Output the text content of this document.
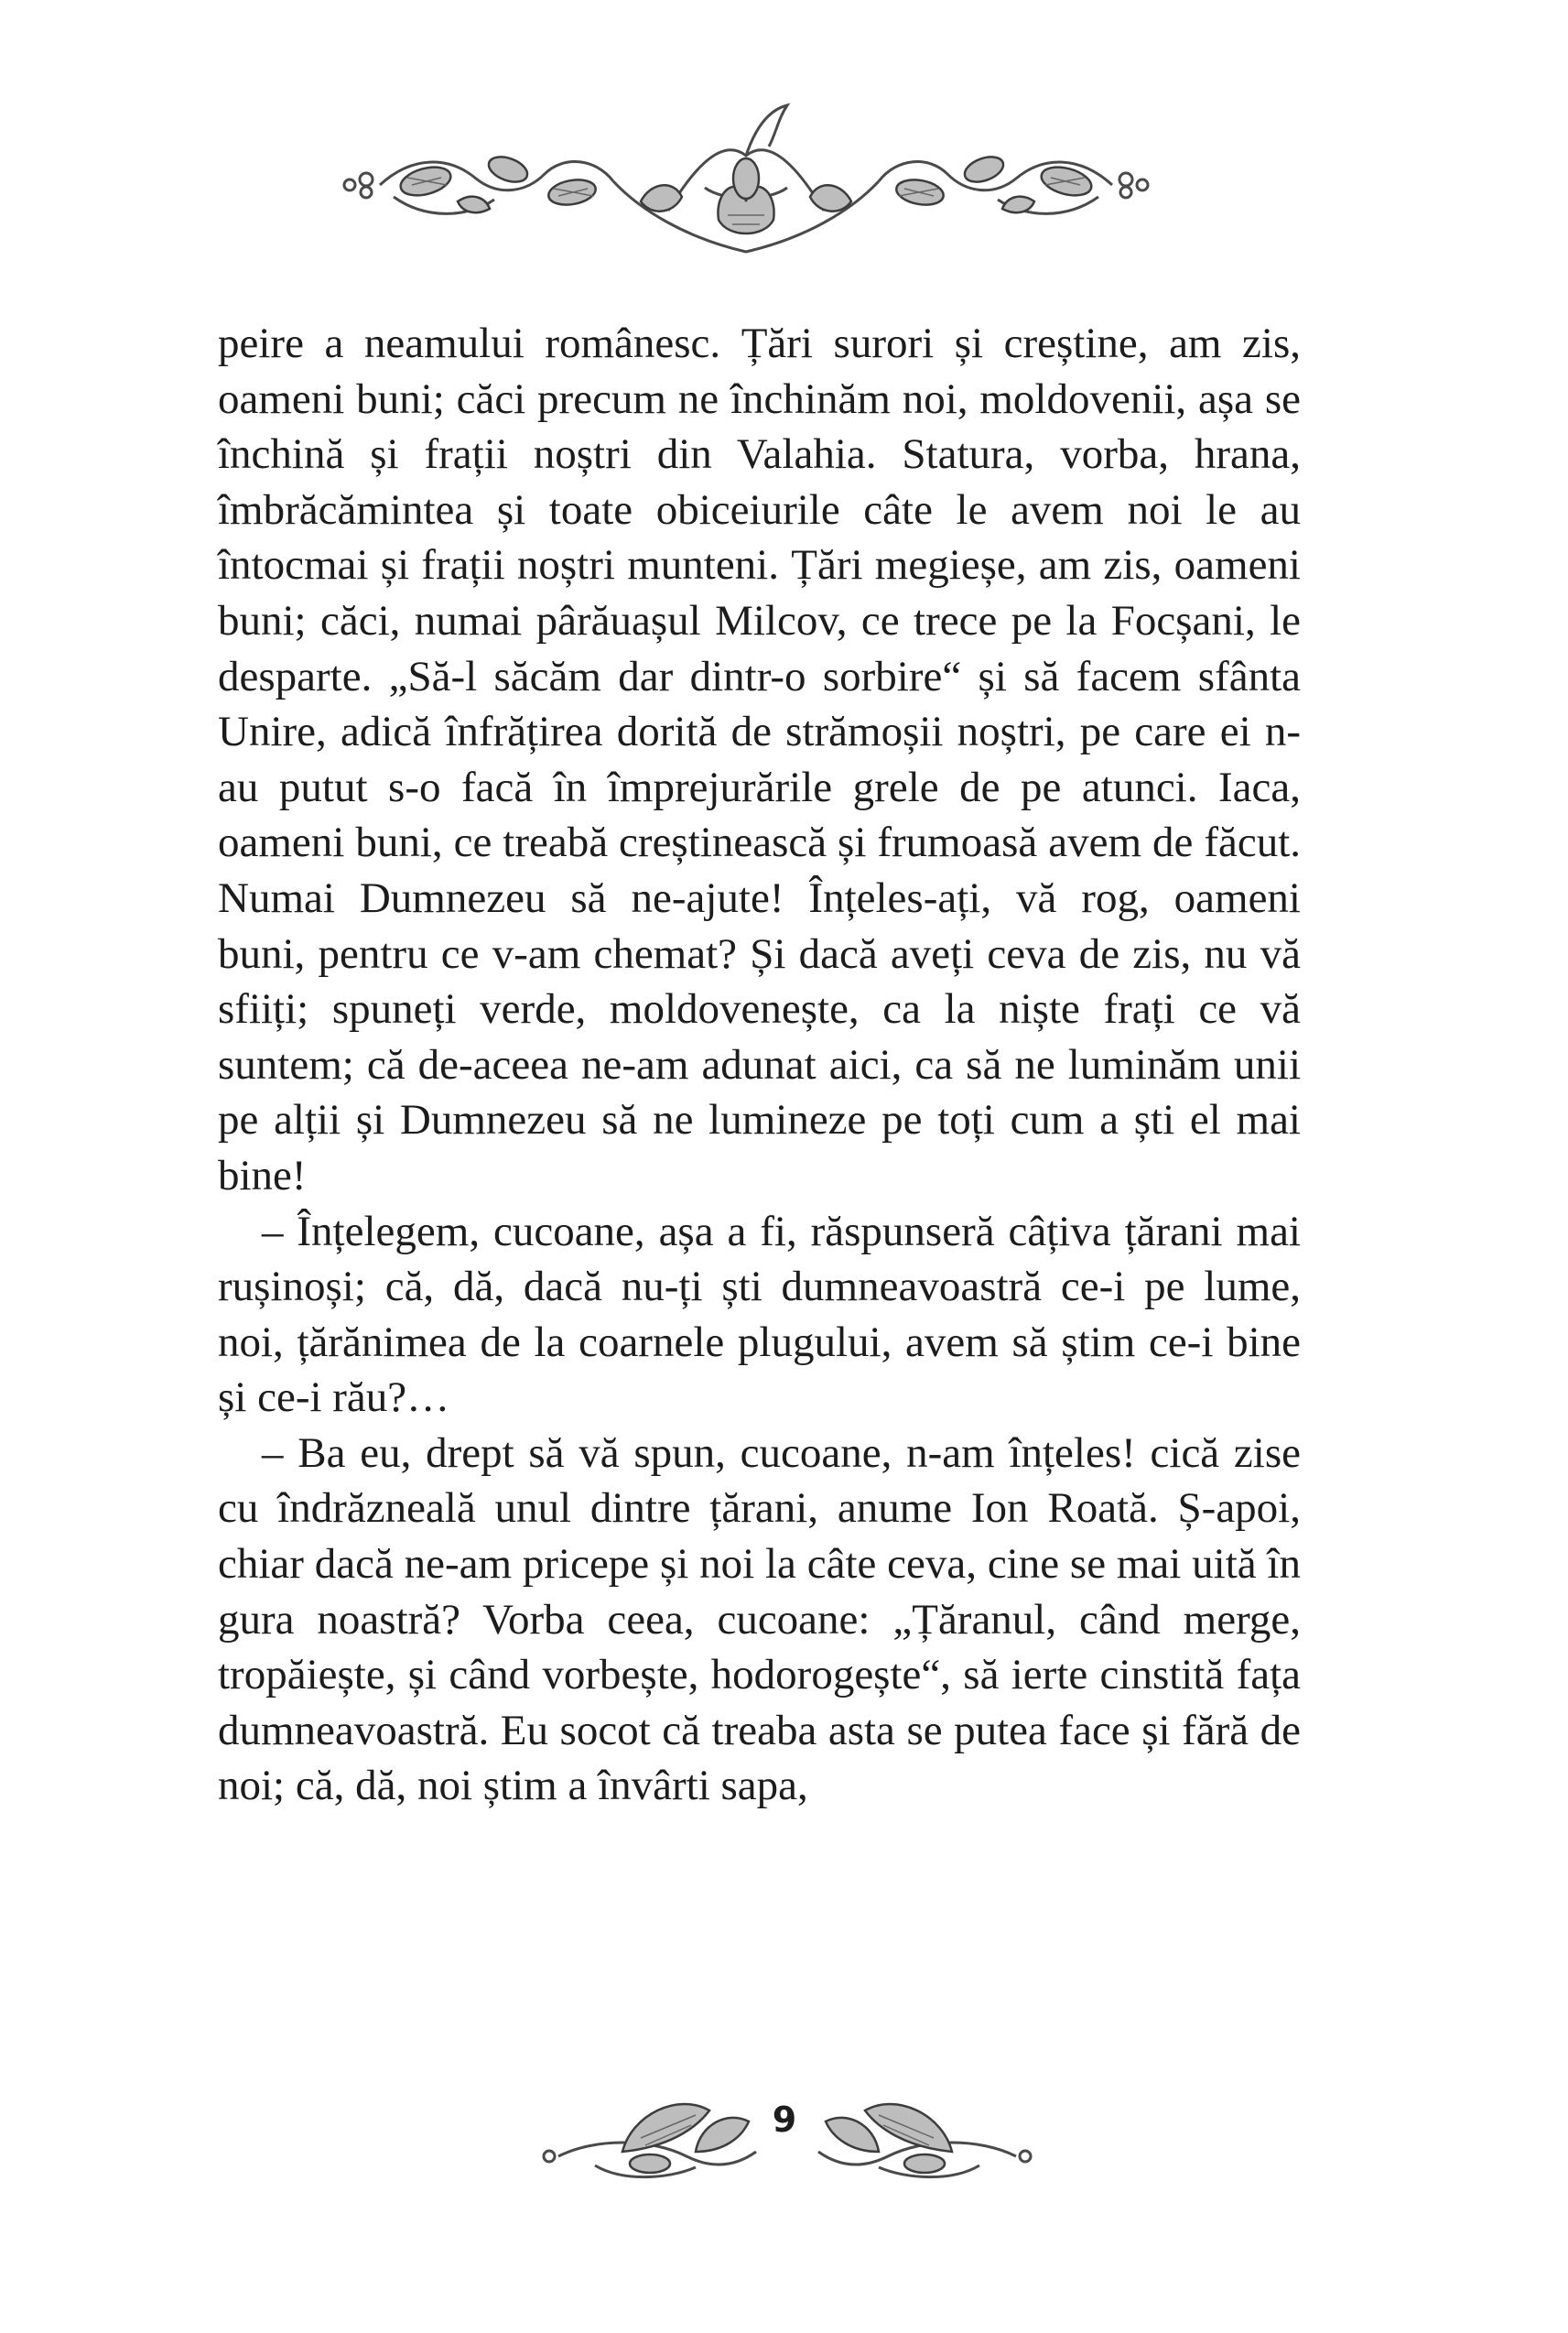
peire a neamului românesc. Țări surori și creștine, am zis, oameni buni; căci precum ne închinăm noi, moldovenii, așa se închină și frații noștri din Valahia. Statura, vorba, hrana, îmbrăcămintea și toate obiceiurile câte le avem noi le au întocmai și frații noștri munteni. Țări megieșe, am zis, oameni buni; căci, numai pârăuașul Milcov, ce trece pe la Focșani, le desparte. „Să-l săcăm dar dintr-o sorbire“ și să facem sfânta Unire, adică înfrățirea dorită de strămoșii noștri, pe care ei n-au putut s-o facă în împrejurările grele de pe atunci. Iaca, oameni buni, ce treabă creștinească și frumoasă avem de făcut. Numai Dumnezeu să ne-ajute! Înțeles-ați, vă rog, oameni buni, pentru ce v-am chemat? Și dacă aveți ceva de zis, nu vă sfiiți; spuneți verde, moldovenește, ca la niște frați ce vă suntem; că de-aceea ne-am adunat aici, ca să ne luminăm unii pe alții și Dumnezeu să ne lumineze pe toți cum a ști el mai bine!

– Înțelegem, cucoane, așa a fi, răspunseră câțiva țărani mai rușinoși; că, dă, dacă nu-ți ști dumneavoastră ce-i pe lume, noi, țărănimea de la coarnele plugului, avem să știm ce-i bine și ce-i rău?…

– Ba eu, drept să vă spun, cucoane, n-am înțeles! cică zise cu îndrăzneală unul dintre țărani, anume Ion Roată. Ș-apoi, chiar dacă ne-am pricepe și noi la câte ceva, cine se mai uită în gura noastră? Vorba ceea, cucoane: „Țăranul, când merge, tropăiește, și când vorbește, hodorogește“, să ierte cinstită fața dumneavoastră. Eu socot că treaba asta se putea face și fără de noi; că, dă, noi știm a învârti sapa,

9
